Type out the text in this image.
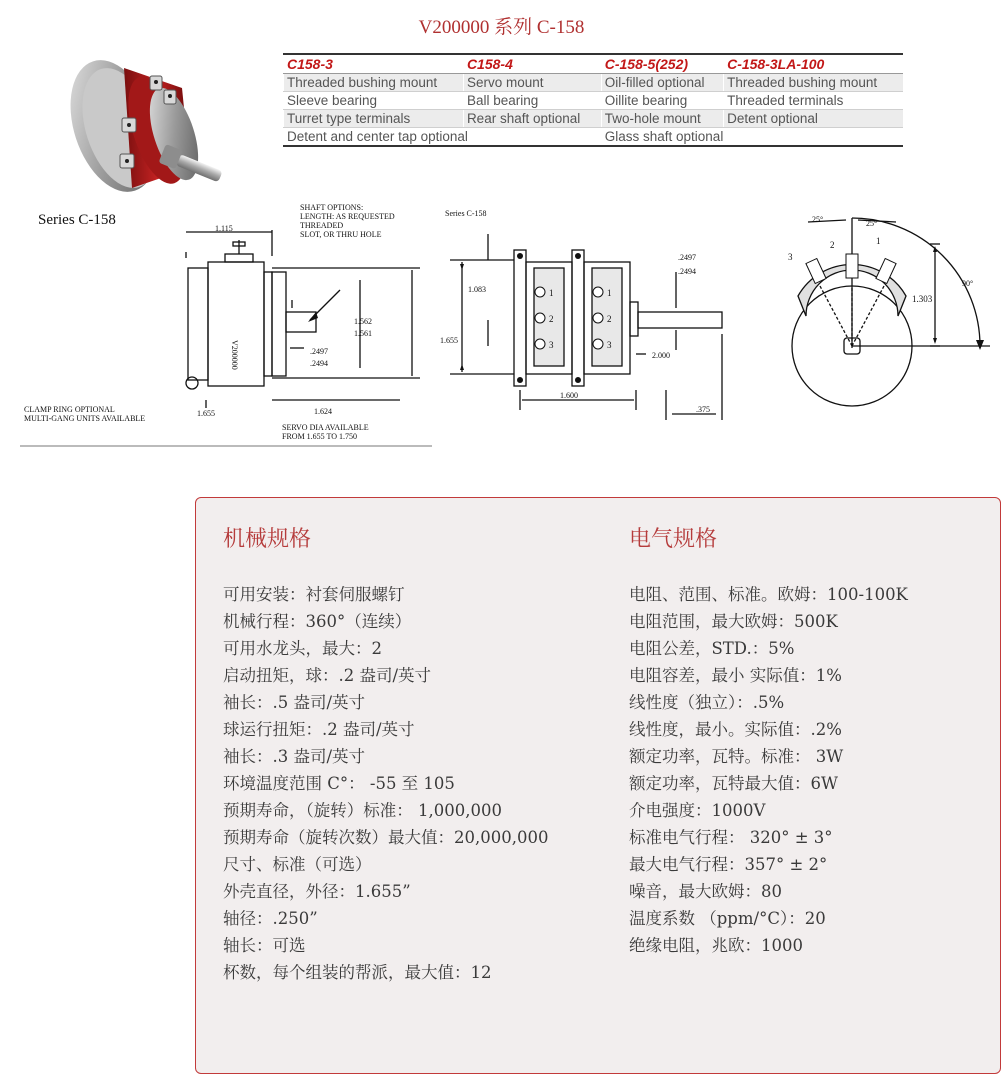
V200000 系列 C-158
C158-3	C158-4	C-158-5(252)	C-158-3LA-100
Threaded bushing mount	Servo mount	Oil-filled optional	Threaded bushing mount
Sleeve bearing	Ball bearing	Oillite bearing	Threaded terminals
Turret type terminals	Rear shaft optional	Two-hole mount	Detent optional
Detent and center tap optional		Glass shaft optional	
Series C-158
1.115
V200000
SHAFT OPTIONS: LENGTH: AS REQUESTED THREADED SLOT, OR THRU HOLE
1.562
1.561
.2497
.2494
1.655	1.624
CLAMP RING OPTIONAL MULTI-GANG UNITS AVAILABLE
SERVO DIA AVAILABLE FROM 1.655 TO 1.750
Series C-158
1
2
3
1
2
3
1.083
1.655
.2497
.2494
2.000
1.600
.375
25°	25°
90°
1.303
3
2	1
机械规格
可用安装：衬套伺服螺钉
机械行程：360°（连续）
可用水龙头，最大：2
启动扭矩，球：.2 盎司/英寸
袖长：.5 盎司/英寸
球运行扭矩：.2 盎司/英寸
袖长：.3 盎司/英寸
环境温度范围 C°： -55 至 105
预期寿命，（旋转）标准： 1,000,000
预期寿命（旋转次数）最大值：20,000,000
尺寸、标准（可选）
外壳直径，外径：1.655”
轴径：.250”
轴长：可选
杯数，每个组装的帮派，最大值：12
电气规格
电阻、范围、标准。欧姆：100-100K
电阻范围，最大欧姆：500K
电阻公差，STD.：5%
电阻容差，最小 实际值：1%
线性度（独立）：.5%
线性度，最小。实际值：.2%
额定功率，瓦特。标准： 3W
额定功率，瓦特最大值：6W
介电强度：1000V
标准电气行程： 320° ± 3°
最大电气行程：357° ± 2°
噪音，最大欧姆：80
温度系数 （ppm/°C）：20
绝缘电阻，兆欧：1000
